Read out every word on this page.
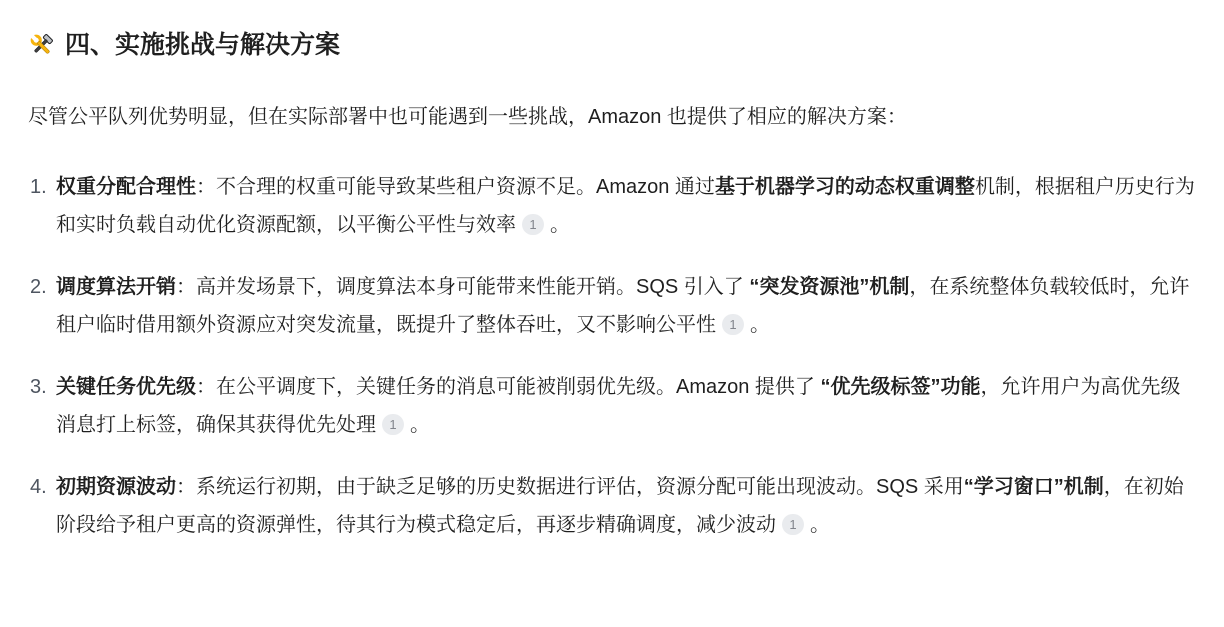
四、实施挑战与解决方案

尽管公平队列优势明显，但在实际部署中也可能遇到一些挑战，Amazon 也提供了相应的解决方案：

1. 权重分配合理性：不合理的权重可能导致某些租户资源不足。Amazon 通过基于机器学习的动态权重调整机制，根据租户历史行为和实时负载自动优化资源配额，以平衡公平性与效率 1 。
2. 调度算法开销：高并发场景下，调度算法本身可能带来性能开销。SQS 引入了 “突发资源池”机制，在系统整体负载较低时，允许租户临时借用额外资源应对突发流量，既提升了整体吞吐，又不影响公平性 1 。
3. 关键任务优先级：在公平调度下，关键任务的消息可能被削弱优先级。Amazon 提供了 “优先级标签”功能，允许用户为高优先级消息打上标签，确保其获得优先处理 1 。
4. 初期资源波动：系统运行初期，由于缺乏足够的历史数据进行评估，资源分配可能出现波动。SQS 采用“学习窗口”机制，在初始阶段给予租户更高的资源弹性，待其行为模式稳定后，再逐步精确调度，减少波动 1 。
